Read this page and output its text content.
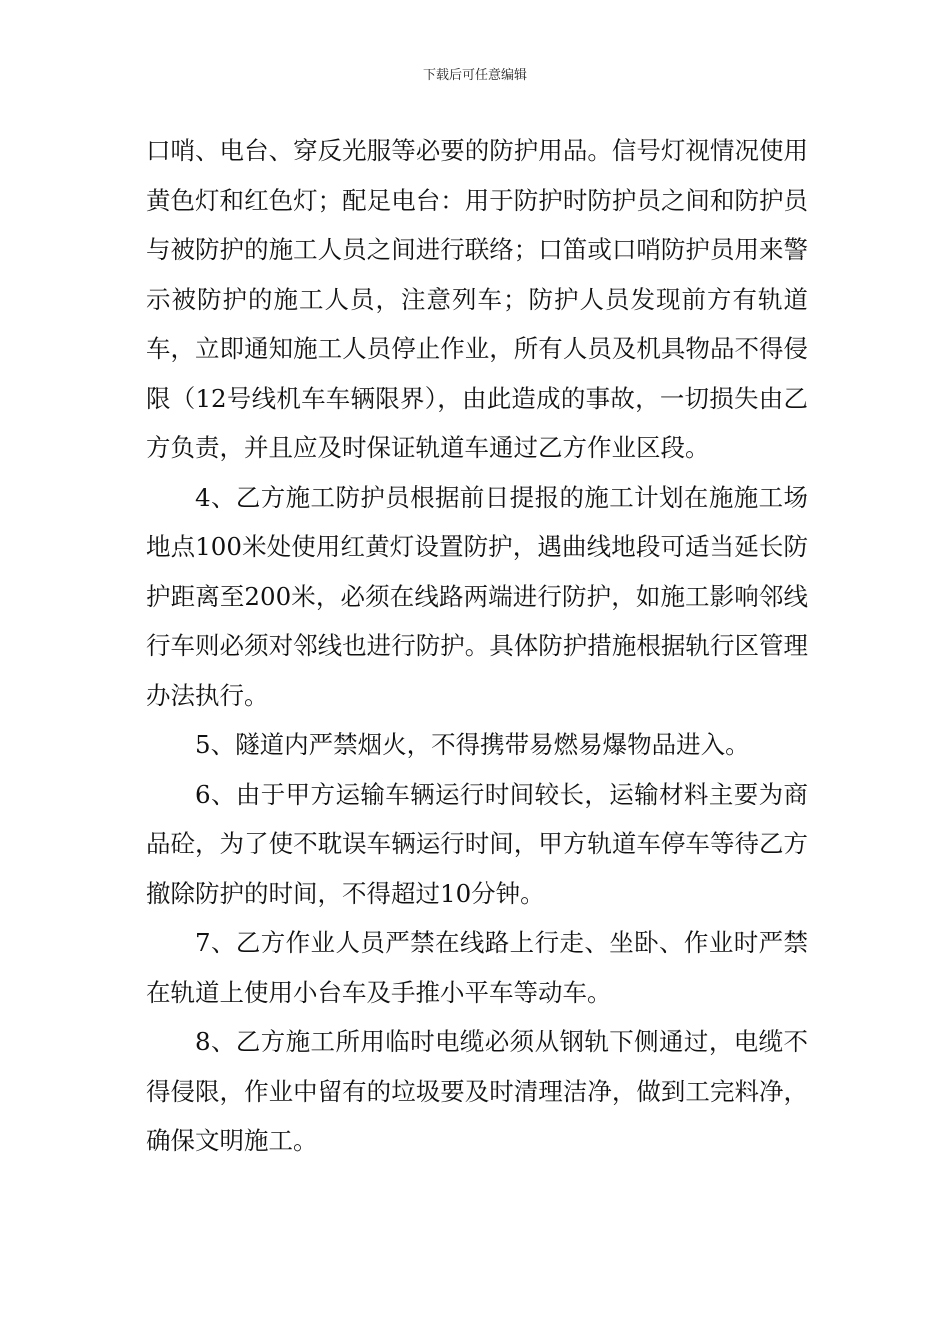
下载后可任意编辑

口哨、电台、穿反光服等必要的防护用品。信号灯视情况使用黄色灯和红色灯；配足电台：用于防护时防护员之间和防护员与被防护的施工人员之间进行联络；口笛或口哨防护员用来警示被防护的施工人员，注意列车；防护人员发现前方有轨道车，立即通知施工人员停止作业，所有人员及机具物品不得侵限（12号线机车车辆限界），由此造成的事故，一切损失由乙方负责，并且应及时保证轨道车通过乙方作业区段。

4、乙方施工防护员根据前日提报的施工计划在施施工场地点100米处使用红黄灯设置防护，遇曲线地段可适当延长防护距离至200米，必须在线路两端进行防护，如施工影响邻线行车则必须对邻线也进行防护。具体防护措施根据轨行区管理办法执行。

5、隧道内严禁烟火，不得携带易燃易爆物品进入。

6、由于甲方运输车辆运行时间较长，运输材料主要为商品砼，为了使不耽误车辆运行时间，甲方轨道车停车等待乙方撤除防护的时间，不得超过10分钟。

7、乙方作业人员严禁在线路上行走、坐卧、作业时严禁在轨道上使用小台车及手推小平车等动车。

8、乙方施工所用临时电缆必须从钢轨下侧通过，电缆不得侵限，作业中留有的垃圾要及时清理洁净，做到工完料净，确保文明施工。
